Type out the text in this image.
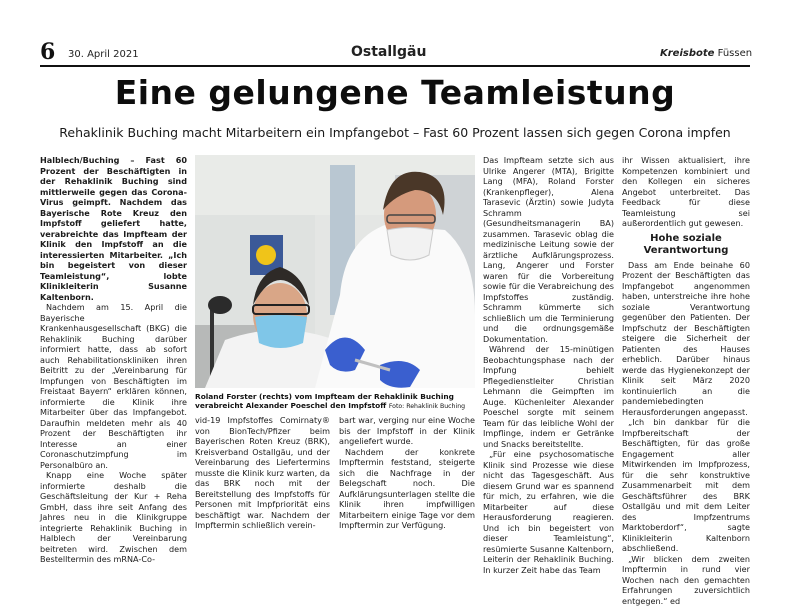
6 30. April 2021	Ostallgäu	Kreisbote Füssen
Eine gelungene Teamleistung
Rehaklinik Buching macht Mitarbeitern ein Impfangebot – Fast 60 Prozent lassen sich gegen Corona impfen

Halblech/Buching – Fast 60 Prozent der Beschäftigten in der Rehaklinik Buching sind mittlerweile gegen das Corona-Virus geimpft. Nachdem das Bayerische Rote Kreuz den Impfstoff geliefert hatte, verabreichte das Impfteam der Klinik den Impfstoff an die interessierten Mitarbeiter. „Ich bin begeistert von dieser Teamleistung“, lobte Klinikleiterin Susanne Kaltenborn.

Nachdem am 15. April die Bayerische Krankenhausgesellschaft (BKG) die Rehaklinik Buching darüber informiert hatte, dass ab sofort auch Rehabilitationskliniken ihren Beitritt zu der „Vereinbarung für Impfungen von Beschäftigten im Freistaat Bayern“ erklären können, informierte die Klinik ihre Mitarbeiter über das Impfangebot. Daraufhin meldeten mehr als 40 Prozent der Beschäftigten ihr Interesse an einer Coronaschutzimpfung im Personalbüro an.

Knapp eine Woche später informierte deshalb die Geschäftsleitung der Kur + Reha GmbH, dass ihre seit Anfang des Jahres neu in die Klinikgruppe integrierte Rehaklinik Buching in Halblech der Vereinbarung beitreten wird. Zwischen dem Bestelltermin des mRNA-Co-

Roland Forster (rechts) vom Impfteam der Rehaklinik Buching verabreicht Alexander Poeschel den Impfstoff Foto: Rehaklinik Buching

vid-19 Impfstoffes Comirnaty® von BionTech/Pfizer beim Bayerischen Roten Kreuz (BRK), Kreisverband Ostallgäu, und der Vereinbarung des Liefertermins musste die Klinik kurz warten, da das BRK noch mit der Bereitstellung des Impfstoffs für Personen mit Impfpriorität eins beschäftigt war. Nachdem der Impftermin schließlich verein-

bart war, verging nur eine Woche bis der Impfstoff in der Klinik angeliefert wurde.

Nachdem der konkrete Impftermin feststand, steigerte sich die Nachfrage in der Belegschaft noch. Die Aufklärungsunterlagen stellte die Klinik ihren impfwilligen Mitarbeitern einige Tage vor dem Impftermin zur Verfügung.

Das Impfteam setzte sich aus Ulrike Angerer (MTA), Brigitte Lang (MFA), Roland Forster (Krankenpfleger), Alena Tarasevic (Ärztin) sowie Judyta Schramm (Gesundheitsmanagerin BA) zusammen. Tarasevic oblag die medizinische Leitung sowie der ärztliche Aufklärungsprozess. Lang, Angerer und Forster waren für die Vorbereitung sowie für die Verabreichung des Impfstoffes zuständig. Schramm kümmerte sich schließlich um die Terminierung und die ordnungsgemäße Dokumentation.

Während der 15-minütigen Beobachtungsphase nach der Impfung behielt Pflegedienstleiter Christian Lehmann die Geimpften im Auge. Küchenleiter Alexander Poeschel sorgte mit seinem Team für das leibliche Wohl der Impflinge, indem er Getränke und Snacks bereitstellte.

„Für eine psychosomatische Klinik sind Prozesse wie diese nicht das Tagesgeschäft. Aus diesem Grund war es spannend für mich, zu erfahren, wie die Mitarbeiter auf diese Herausforderung reagieren. Und ich bin begeistert von dieser Teamleistung“, resümierte Susanne Kaltenborn, Leiterin der Rehaklinik Buching. In kurzer Zeit habe das Team

ihr Wissen aktualisiert, ihre Kompetenzen kombiniert und den Kollegen ein sicheres Angebot unterbreitet. Das Feedback für diese Teamleistung sei außerordentlich gut gewesen.

Hohe soziale Verantwortung

Dass am Ende beinahe 60 Prozent der Beschäftigten das Impfangebot angenommen haben, unterstreiche ihre hohe soziale Verantwortung gegenüber den Patienten. Der Impfschutz der Beschäftigten steigere die Sicherheit der Patienten des Hauses erheblich. Darüber hinaus werde das Hygienekonzept der Klinik seit März 2020 kontinuierlich an die pandemiebedingten Herausforderungen angepasst.

„Ich bin dankbar für die Impfbereitschaft der Beschäftigten, für das große Engagement aller Mitwirkenden im Impfprozess, für die sehr konstruktive Zusammenarbeit mit dem Geschäftsführer des BRK Ostallgäu und mit dem Leiter des Impfzentrums Marktoberdorf“, sagte Klinikleiterin Kaltenborn abschließend.

„Wir blicken dem zweiten Impftermin in rund vier Wochen nach den gemachten Erfahrungen zuversichtlich entgegen.“ ed
